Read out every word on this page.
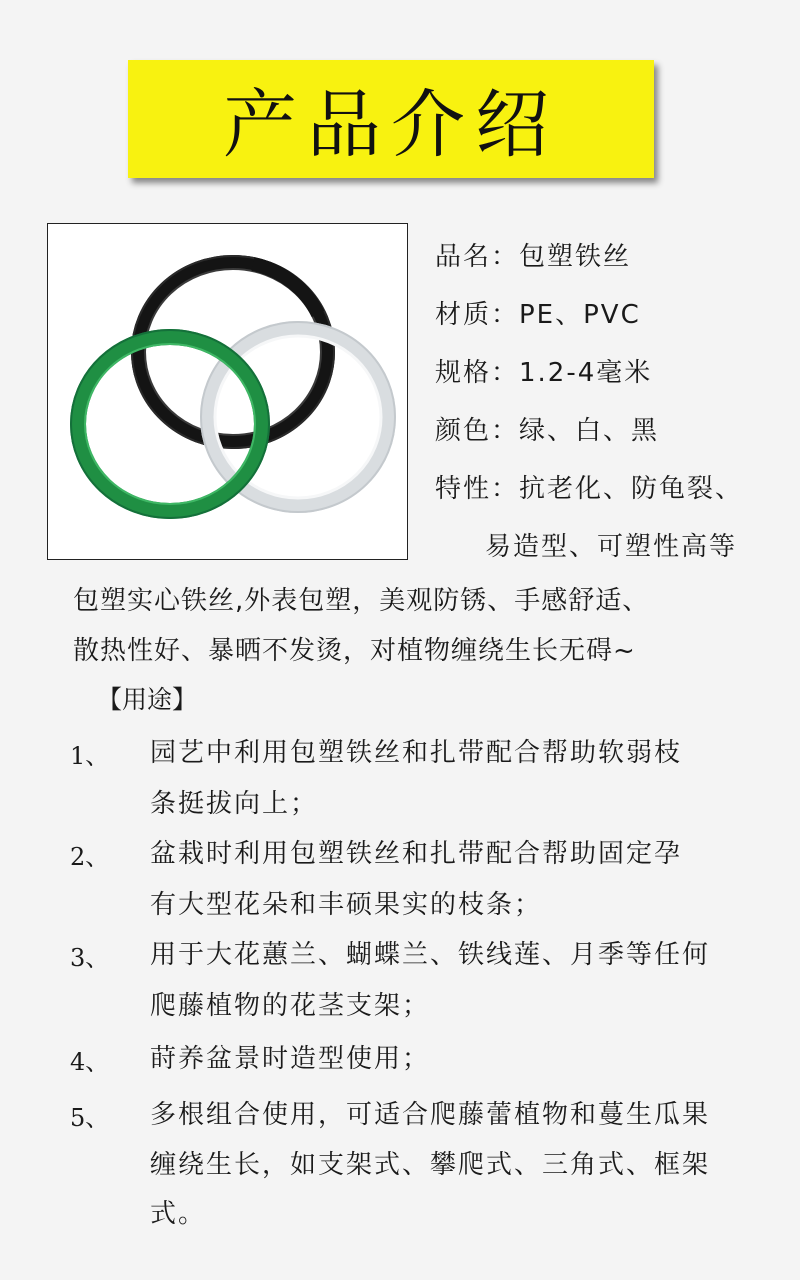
产品介绍
品名：包塑铁丝
材质：PE、PVC
规格：1.2-4毫米
颜色：绿、白、黑
特性：抗老化、防龟裂、
易造型、可塑性高等
包塑实心铁丝,外表包塑，美观防锈、手感舒适、
散热性好、暴晒不发烫，对植物缠绕生长无碍~
【用途】
1、 园艺中利用包塑铁丝和扎带配合帮助软弱枝
条挺拔向上；
2、 盆栽时利用包塑铁丝和扎带配合帮助固定孕
有大型花朵和丰硕果实的枝条；
3、 用于大花蕙兰、蝴蝶兰、铁线莲、月季等任何
爬藤植物的花茎支架；
4、 莳养盆景时造型使用；
5、 多根组合使用，可适合爬藤蕾植物和蔓生瓜果
缠绕生长，如支架式、攀爬式、三角式、框架
式。
